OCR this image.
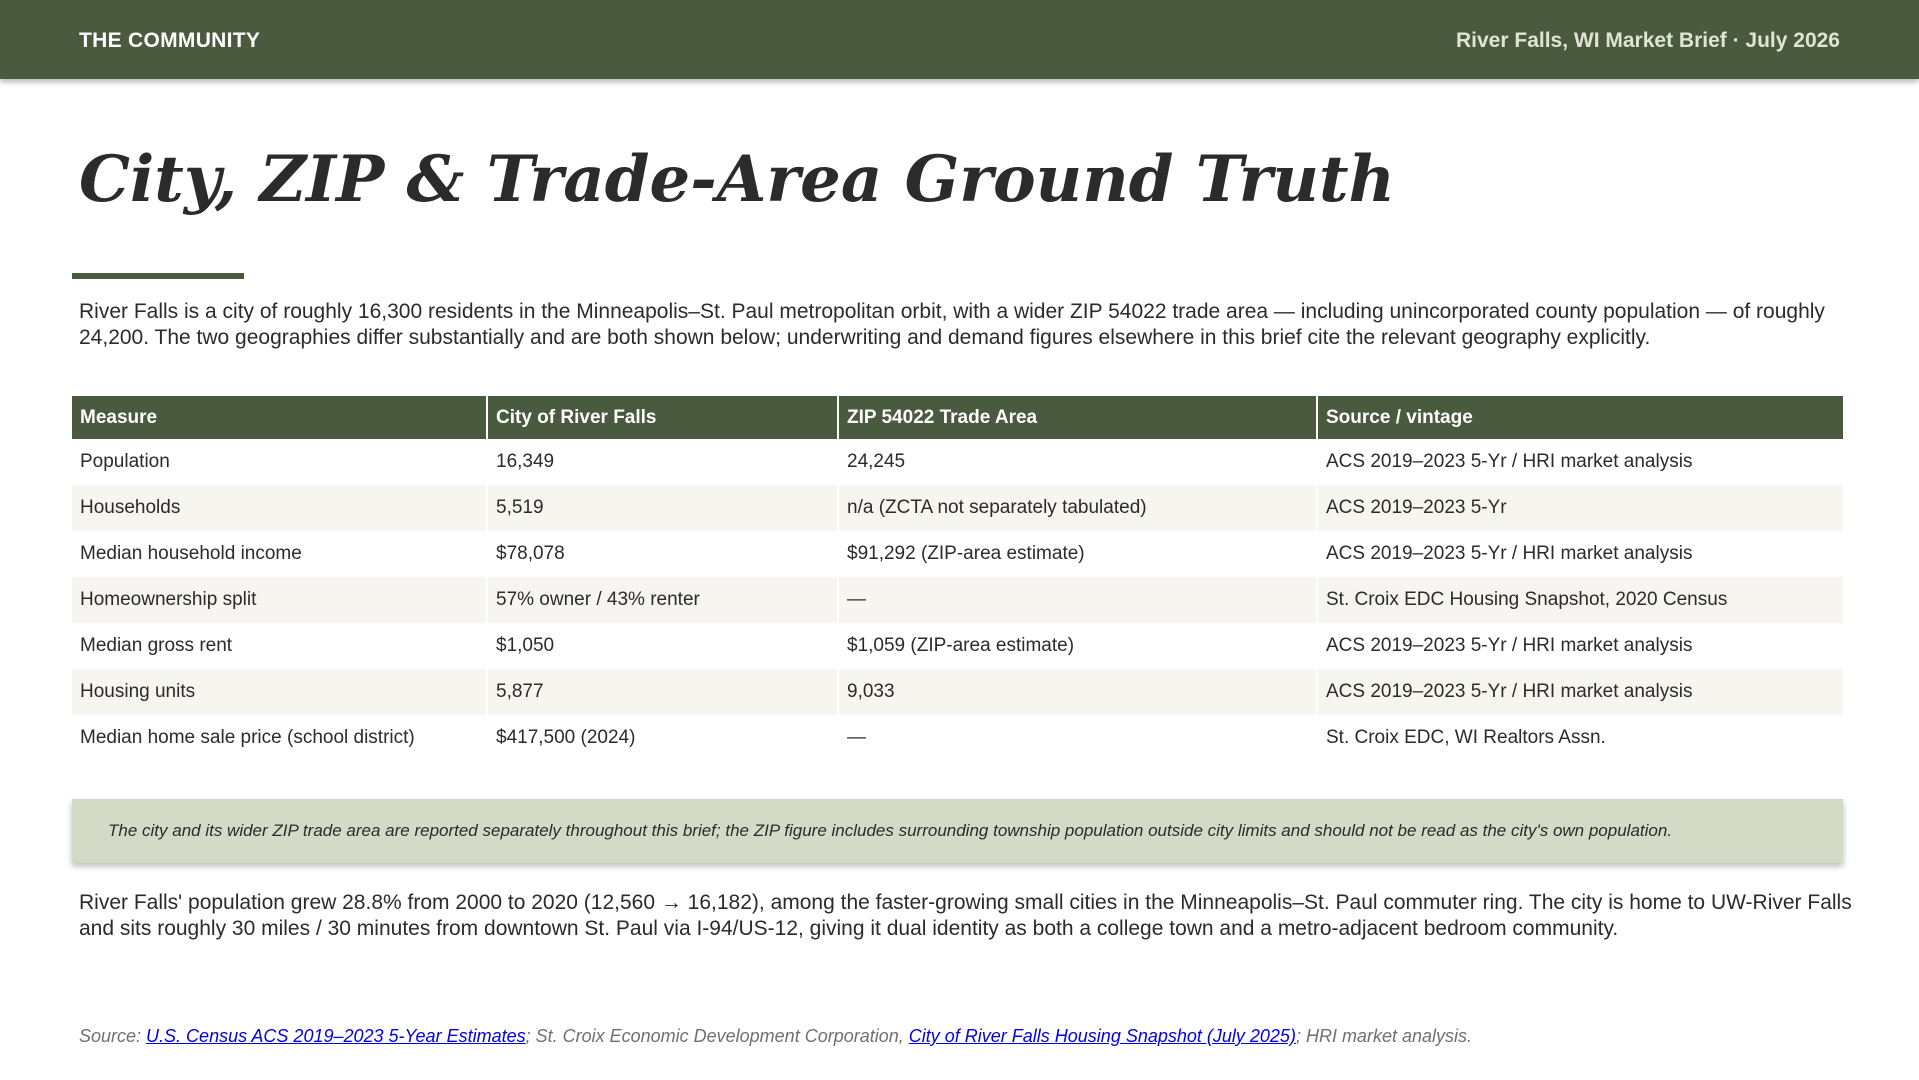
THE COMMUNITY	River Falls, WI Market Brief · July 2026
City, ZIP & Trade-Area Ground Truth

River Falls is a city of roughly 16,300 residents in the Minneapolis–St. Paul metropolitan orbit, with a wider ZIP 54022 trade area — including unincorporated county population — of roughly 24,200. The two geographies differ substantially and are both shown below; underwriting and demand figures elsewhere in this brief cite the relevant geography explicitly.

Measure	City of River Falls	ZIP 54022 Trade Area	Source / vintage
Population	16,349	24,245	ACS 2019–2023 5-Yr / HRI market analysis
Households	5,519	n/a (ZCTA not separately tabulated)	ACS 2019–2023 5-Yr
Median household income	$78,078	$91,292 (ZIP-area estimate)	ACS 2019–2023 5-Yr / HRI market analysis
Homeownership split	57% owner / 43% renter	—	St. Croix EDC Housing Snapshot, 2020 Census
Median gross rent	$1,050	$1,059 (ZIP-area estimate)	ACS 2019–2023 5-Yr / HRI market analysis
Housing units	5,877	9,033	ACS 2019–2023 5-Yr / HRI market analysis
Median home sale price (school district)	$417,500 (2024)	—	St. Croix EDC, WI Realtors Assn.
The city and its wider ZIP trade area are reported separately throughout this brief; the ZIP figure includes surrounding township population outside city limits and should not be read as the city's own population.

River Falls' population grew 28.8% from 2000 to 2020 (12,560 → 16,182), among the faster-growing small cities in the Minneapolis–St. Paul commuter ring. The city is home to UW-River Falls and sits roughly 30 miles / 30 minutes from downtown St. Paul via I-94/US-12, giving it dual identity as both a college town and a metro-adjacent bedroom community.

Source: U.S. Census ACS 2019–2023 5-Year Estimates; St. Croix Economic Development Corporation, City of River Falls Housing Snapshot (July 2025); HRI market analysis.
